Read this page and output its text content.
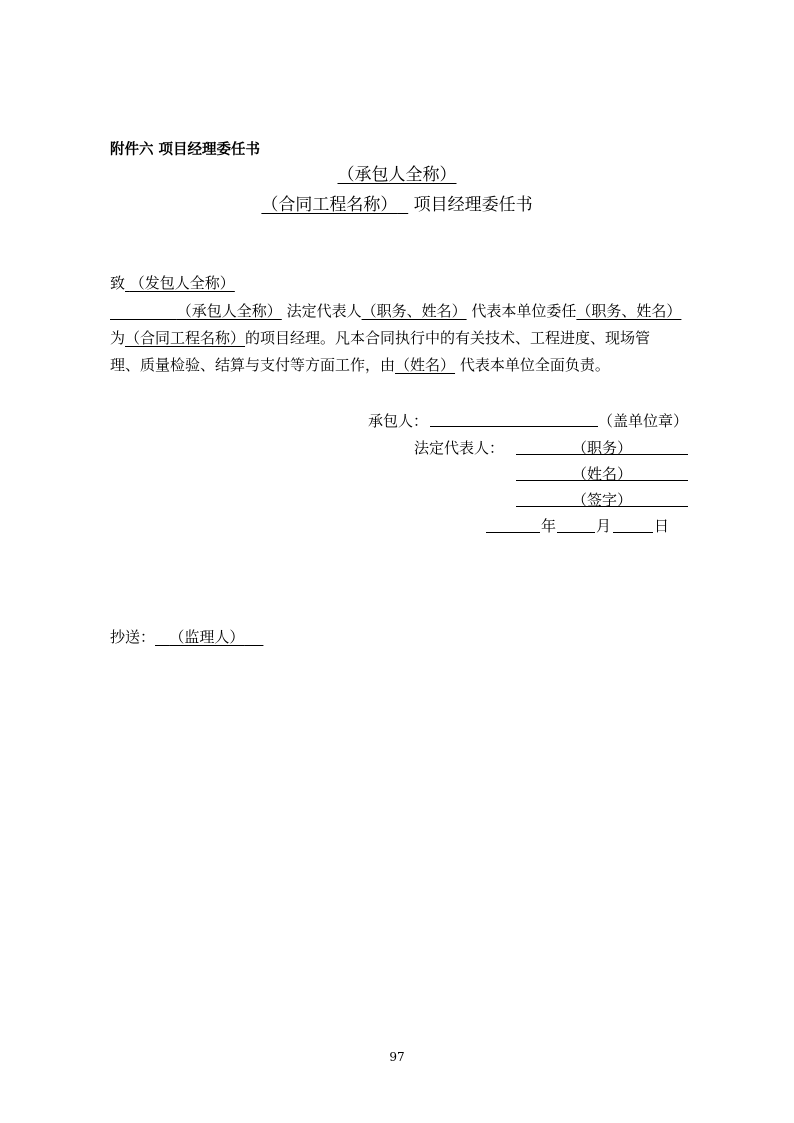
附件六 项目经理委任书
（承包人全称）
（合同工程名称） 项目经理委任书
致 （发包人全称）
（承包人全称） 法定代表人（职务、姓名） 代表本单位委任（职务、姓名）
为（合同工程名称）的项目经理。凡本合同执行中的有关技术、工程进度、现场管
理、质量检验、结算与支付等方面工作，由（姓名） 代表本单位全面负责。
承包人：	（盖单位章）
法定代表人：	（职务）
（姓名）
（签字）
年	月	日
抄送： （监理人）
97
